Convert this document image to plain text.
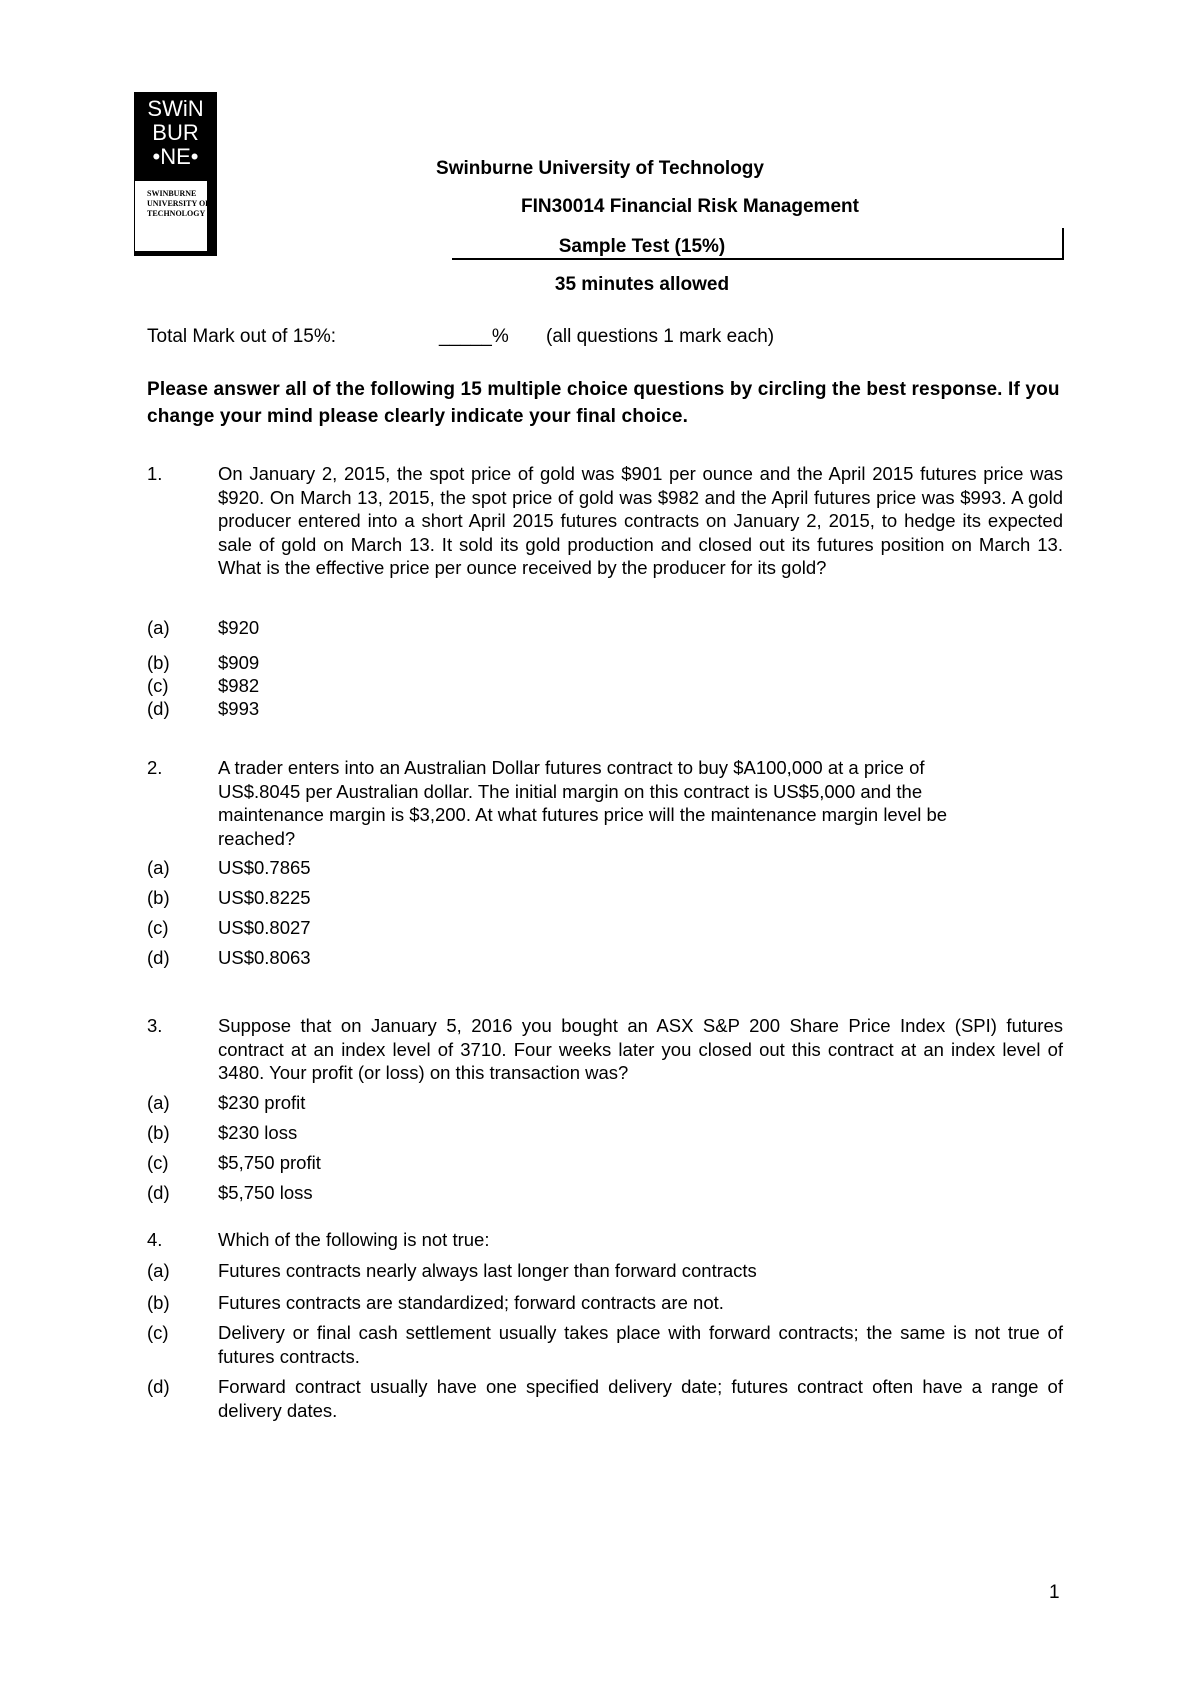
SWiN
BUR
•NE•
SWINBURNE
UNIVERSITY OF
TECHNOLOGY
Swinburne University of Technology
FIN30014 Financial Risk Management
Sample Test (15%)
35 minutes allowed
Total Mark out of 15%:	_____% (all questions 1 mark each)
Please answer all of the following 15 multiple choice questions by circling the best response. If you change your mind please clearly indicate your final choice.
1.	On January 2, 2015, the spot price of gold was $901 per ounce and the April 2015 futures price was $920. On March 13, 2015, the spot price of gold was $982 and the April futures price was $993. A gold producer entered into a short April 2015 futures contracts on January 2, 2015, to hedge its expected sale of gold on March 13. It sold its gold production and closed out its futures position on March 13. What is the effective price per ounce received by the producer for its gold?
(a)	$920
(b)	$909
(c)	$982
(d)	$993
2.	A trader enters into an Australian Dollar futures contract to buy $A100,000 at a price of US$.8045 per Australian dollar. The initial margin on this contract is US$5,000 and the maintenance margin is $3,200. At what futures price will the maintenance margin level be reached?
(a)	US$0.7865
(b)	US$0.8225
(c)	US$0.8027
(d)	US$0.8063
3.	Suppose that on January 5, 2016 you bought an ASX S&P 200 Share Price Index (SPI) futures contract at an index level of 3710. Four weeks later you closed out this contract at an index level of 3480. Your profit (or loss) on this transaction was?
(a)	$230 profit
(b)	$230 loss
(c)	$5,750 profit
(d)	$5,750 loss
4.	Which of the following is not true:
(a)	Futures contracts nearly always last longer than forward contracts
(b)	Futures contracts are standardized; forward contracts are not.
(c)	Delivery or final cash settlement usually takes place with forward contracts; the same is not true of futures contracts.
(d)	Forward contract usually have one specified delivery date; futures contract often have a range of delivery dates.
1
